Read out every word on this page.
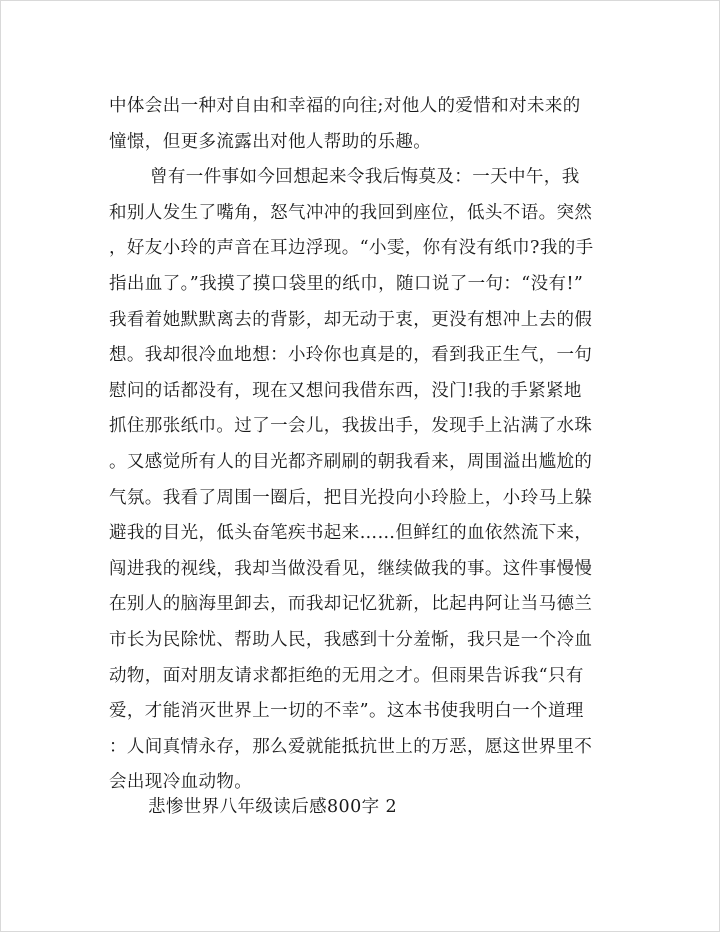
中体会出一种对自由和幸福的向往;对他人的爱惜和对未来的
憧憬，但更多流露出对他人帮助的乐趣。
曾有一件事如今回想起来令我后悔莫及：一天中午，我
和别人发生了嘴角，怒气冲冲的我回到座位，低头不语。突然
，好友小玲的声音在耳边浮现。“小雯，你有没有纸巾?我的手
指出血了。”我摸了摸口袋里的纸巾，随口说了一句：“没有!”
我看着她默默离去的背影，却无动于衷，更没有想冲上去的假
想。我却很冷血地想：小玲你也真是的，看到我正生气，一句
慰问的话都没有，现在又想问我借东西，没门!我的手紧紧地
抓住那张纸巾。过了一会儿，我拔出手，发现手上沾满了水珠
。又感觉所有人的目光都齐刷刷的朝我看来，周围溢出尴尬的
气氛。我看了周围一圈后，把目光投向小玲脸上，小玲马上躲
避我的目光，低头奋笔疾书起来……但鲜红的血依然流下来，
闯进我的视线，我却当做没看见，继续做我的事。这件事慢慢
在别人的脑海里卸去，而我却记忆犹新，比起冉阿让当马德兰
市长为民除忧、帮助人民，我感到十分羞惭，我只是一个冷血
动物，面对朋友请求都拒绝的无用之才。但雨果告诉我“只有
爱，才能消灭世界上一切的不幸”。这本书使我明白一个道理
：人间真情永存，那么爱就能抵抗世上的万恶，愿这世界里不
会出现冷血动物。
悲惨世界八年级读后感800字 2
